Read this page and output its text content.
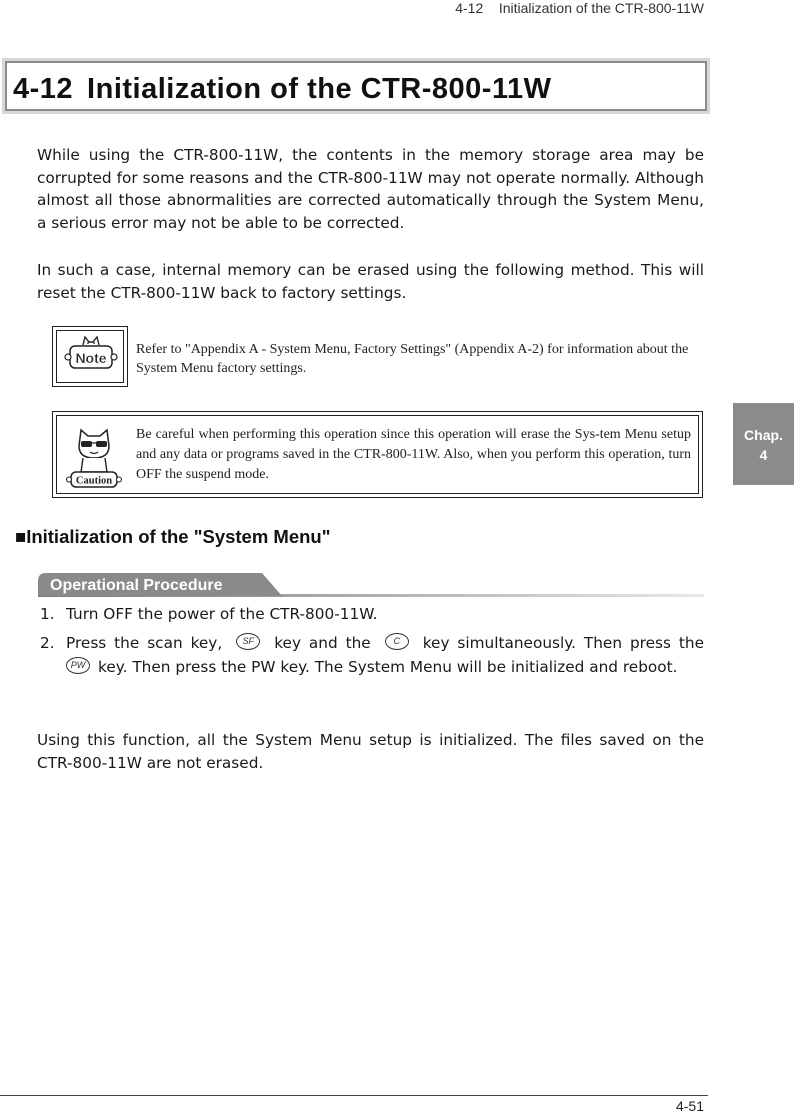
4-12 Initialization of the CTR-800-11W
4-12 Initialization of the CTR-800-11W
While using the CTR-800-11W, the contents in the memory storage area may be corrupted for some reasons and the CTR-800-11W may not operate normally. Although almost all those abnormalities are corrected automatically through the System Menu, a serious error may not be able to be corrected.
In such a case, internal memory can be erased using the following method. This will reset the CTR-800-11W back to factory settings.
Note
Refer to "Appendix A - System Menu, Factory Settings" (Appendix A-2) for information about the System Menu factory settings.
Caution
Be careful when performing this operation since this operation will erase the Sys-tem Menu setup and any data or programs saved in the CTR-800-11W. Also, when you perform this operation, turn OFF the suspend mode.
Chap.
4
■Initialization of the "System Menu"
Operational Procedure
1. Turn OFF the power of the CTR-800-11W.
2. Press the scan key, SF key and the	C key simultaneously. Then press the PW key. Then press the PW key. The System Menu will be initialized and reboot.
Using this function, all the System Menu setup is initialized. The files saved on the CTR-800-11W are not erased.
4-51
